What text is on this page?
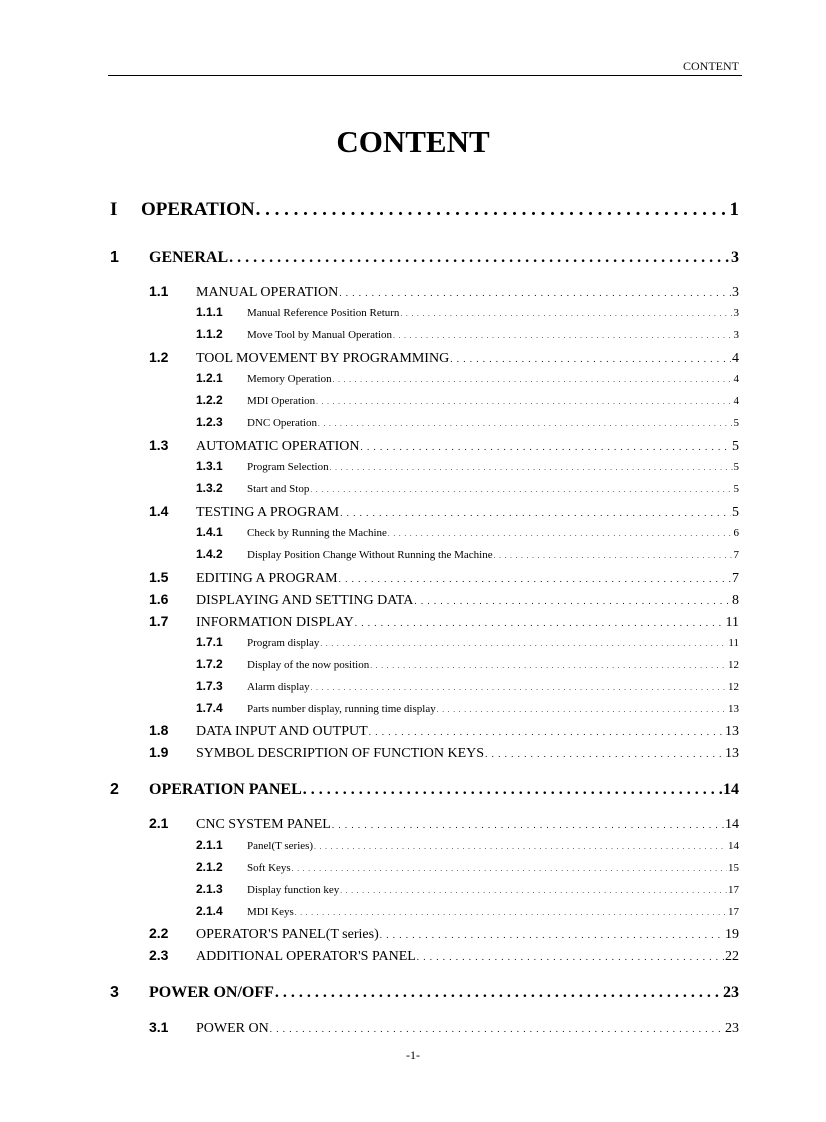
CONTENT
CONTENT
I	OPERATION . . .	1
1	GENERAL . . .	3
1.1	MANUAL OPERATION . . .	3
1.1.1	Manual Reference Position Return . . .	3
1.1.2	Move Tool by Manual Operation . . .	3
1.2	TOOL MOVEMENT BY PROGRAMMING . . .	4
1.2.1	Memory Operation . . .	4
1.2.2	MDI Operation . . .	4
1.2.3	DNC Operation . . .	5
1.3	AUTOMATIC OPERATION . . .	5
1.3.1	Program Selection . . .	5
1.3.2	Start and Stop . . .	5
1.4	TESTING A PROGRAM . . .	5
1.4.1	Check by Running the Machine . . .	6
1.4.2	Display Position Change Without Running the Machine . . .	7
1.5	EDITING A PROGRAM . . .	7
1.6	DISPLAYING AND SETTING DATA . . .	8
1.7	INFORMATION DISPLAY . . .	11
1.7.1	Program display . . .	11
1.7.2	Display of the now position . . .	12
1.7.3	Alarm display . . .	12
1.7.4	Parts number display, running time display . . .	13
1.8	DATA INPUT AND OUTPUT . . .	13
1.9	SYMBOL DESCRIPTION OF FUNCTION KEYS . . .	13
2	OPERATION PANEL . . .	14
2.1	CNC SYSTEM PANEL . . .	14
2.1.1	Panel(T series) . . .	14
2.1.2	Soft Keys . . .	15
2.1.3	Display function key . . .	17
2.1.4	MDI Keys . . .	17
2.2	OPERATOR'S PANEL(T series) . . .	19
2.3	ADDITIONAL OPERATOR'S PANEL . . .	22
3	POWER ON/OFF . . .	23
3.1	POWER ON . . .	23
-1-
